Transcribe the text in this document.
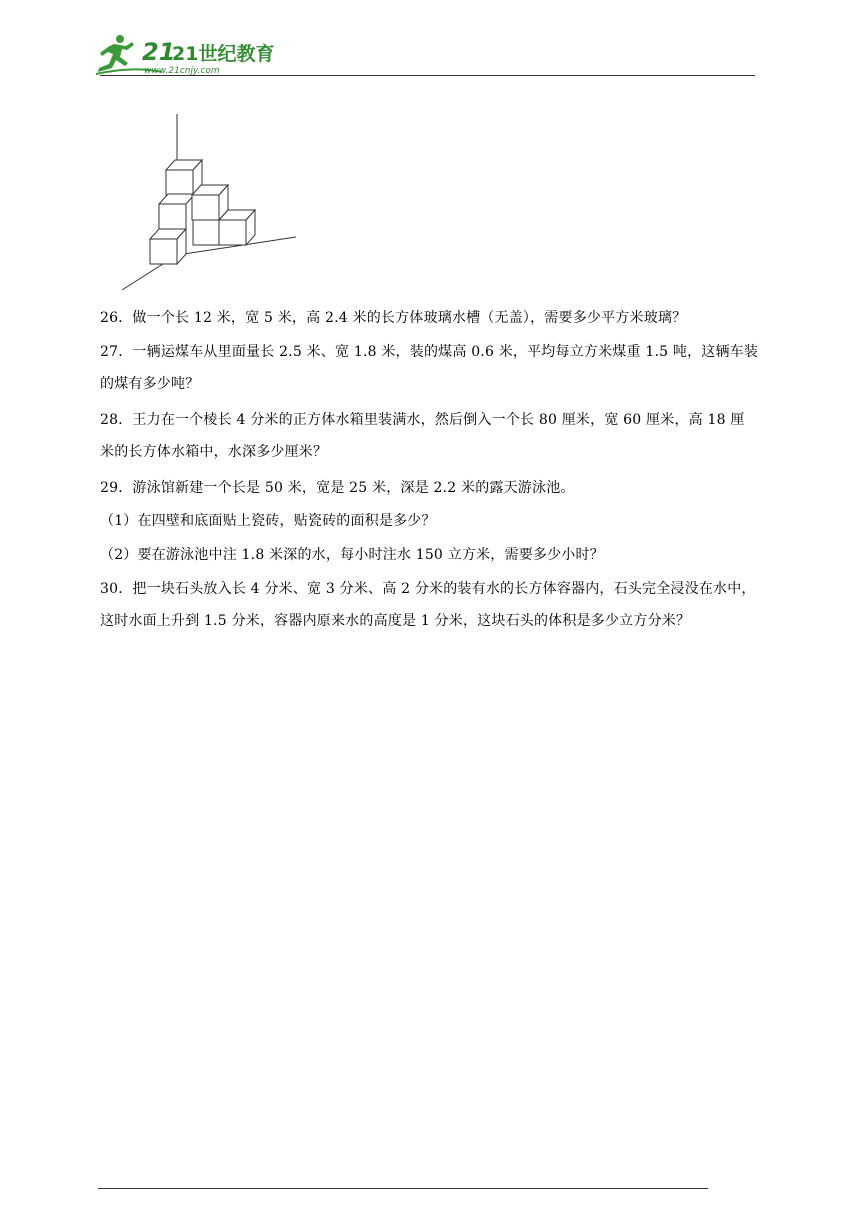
21
21世纪教育
www.21cnjy.com
26．做一个长 12 米，宽 5 米，高 2.4 米的长方体玻璃水槽（无盖），需要多少平方米玻璃？
27．一辆运煤车从里面量长 2.5 米、宽 1.8 米，装的煤高 0.6 米，平均每立方米煤重 1.5 吨，这辆车装
的煤有多少吨？
28．王力在一个棱长 4 分米的正方体水箱里装满水，然后倒入一个长 80 厘米，宽 60 厘米，高 18 厘
米的长方体水箱中，水深多少厘米？
29．游泳馆新建一个长是 50 米，宽是 25 米，深是 2.2 米的露天游泳池。
（1）在四壁和底面贴上瓷砖，贴瓷砖的面积是多少？
（2）要在游泳池中注 1.8 米深的水，每小时注水 150 立方米，需要多少小时？
30．把一块石头放入长 4 分米、宽 3 分米、高 2 分米的装有水的长方体容器内，石头完全浸没在水中，
这时水面上升到 1.5 分米，容器内原来水的高度是 1 分米，这块石头的体积是多少立方分米？
